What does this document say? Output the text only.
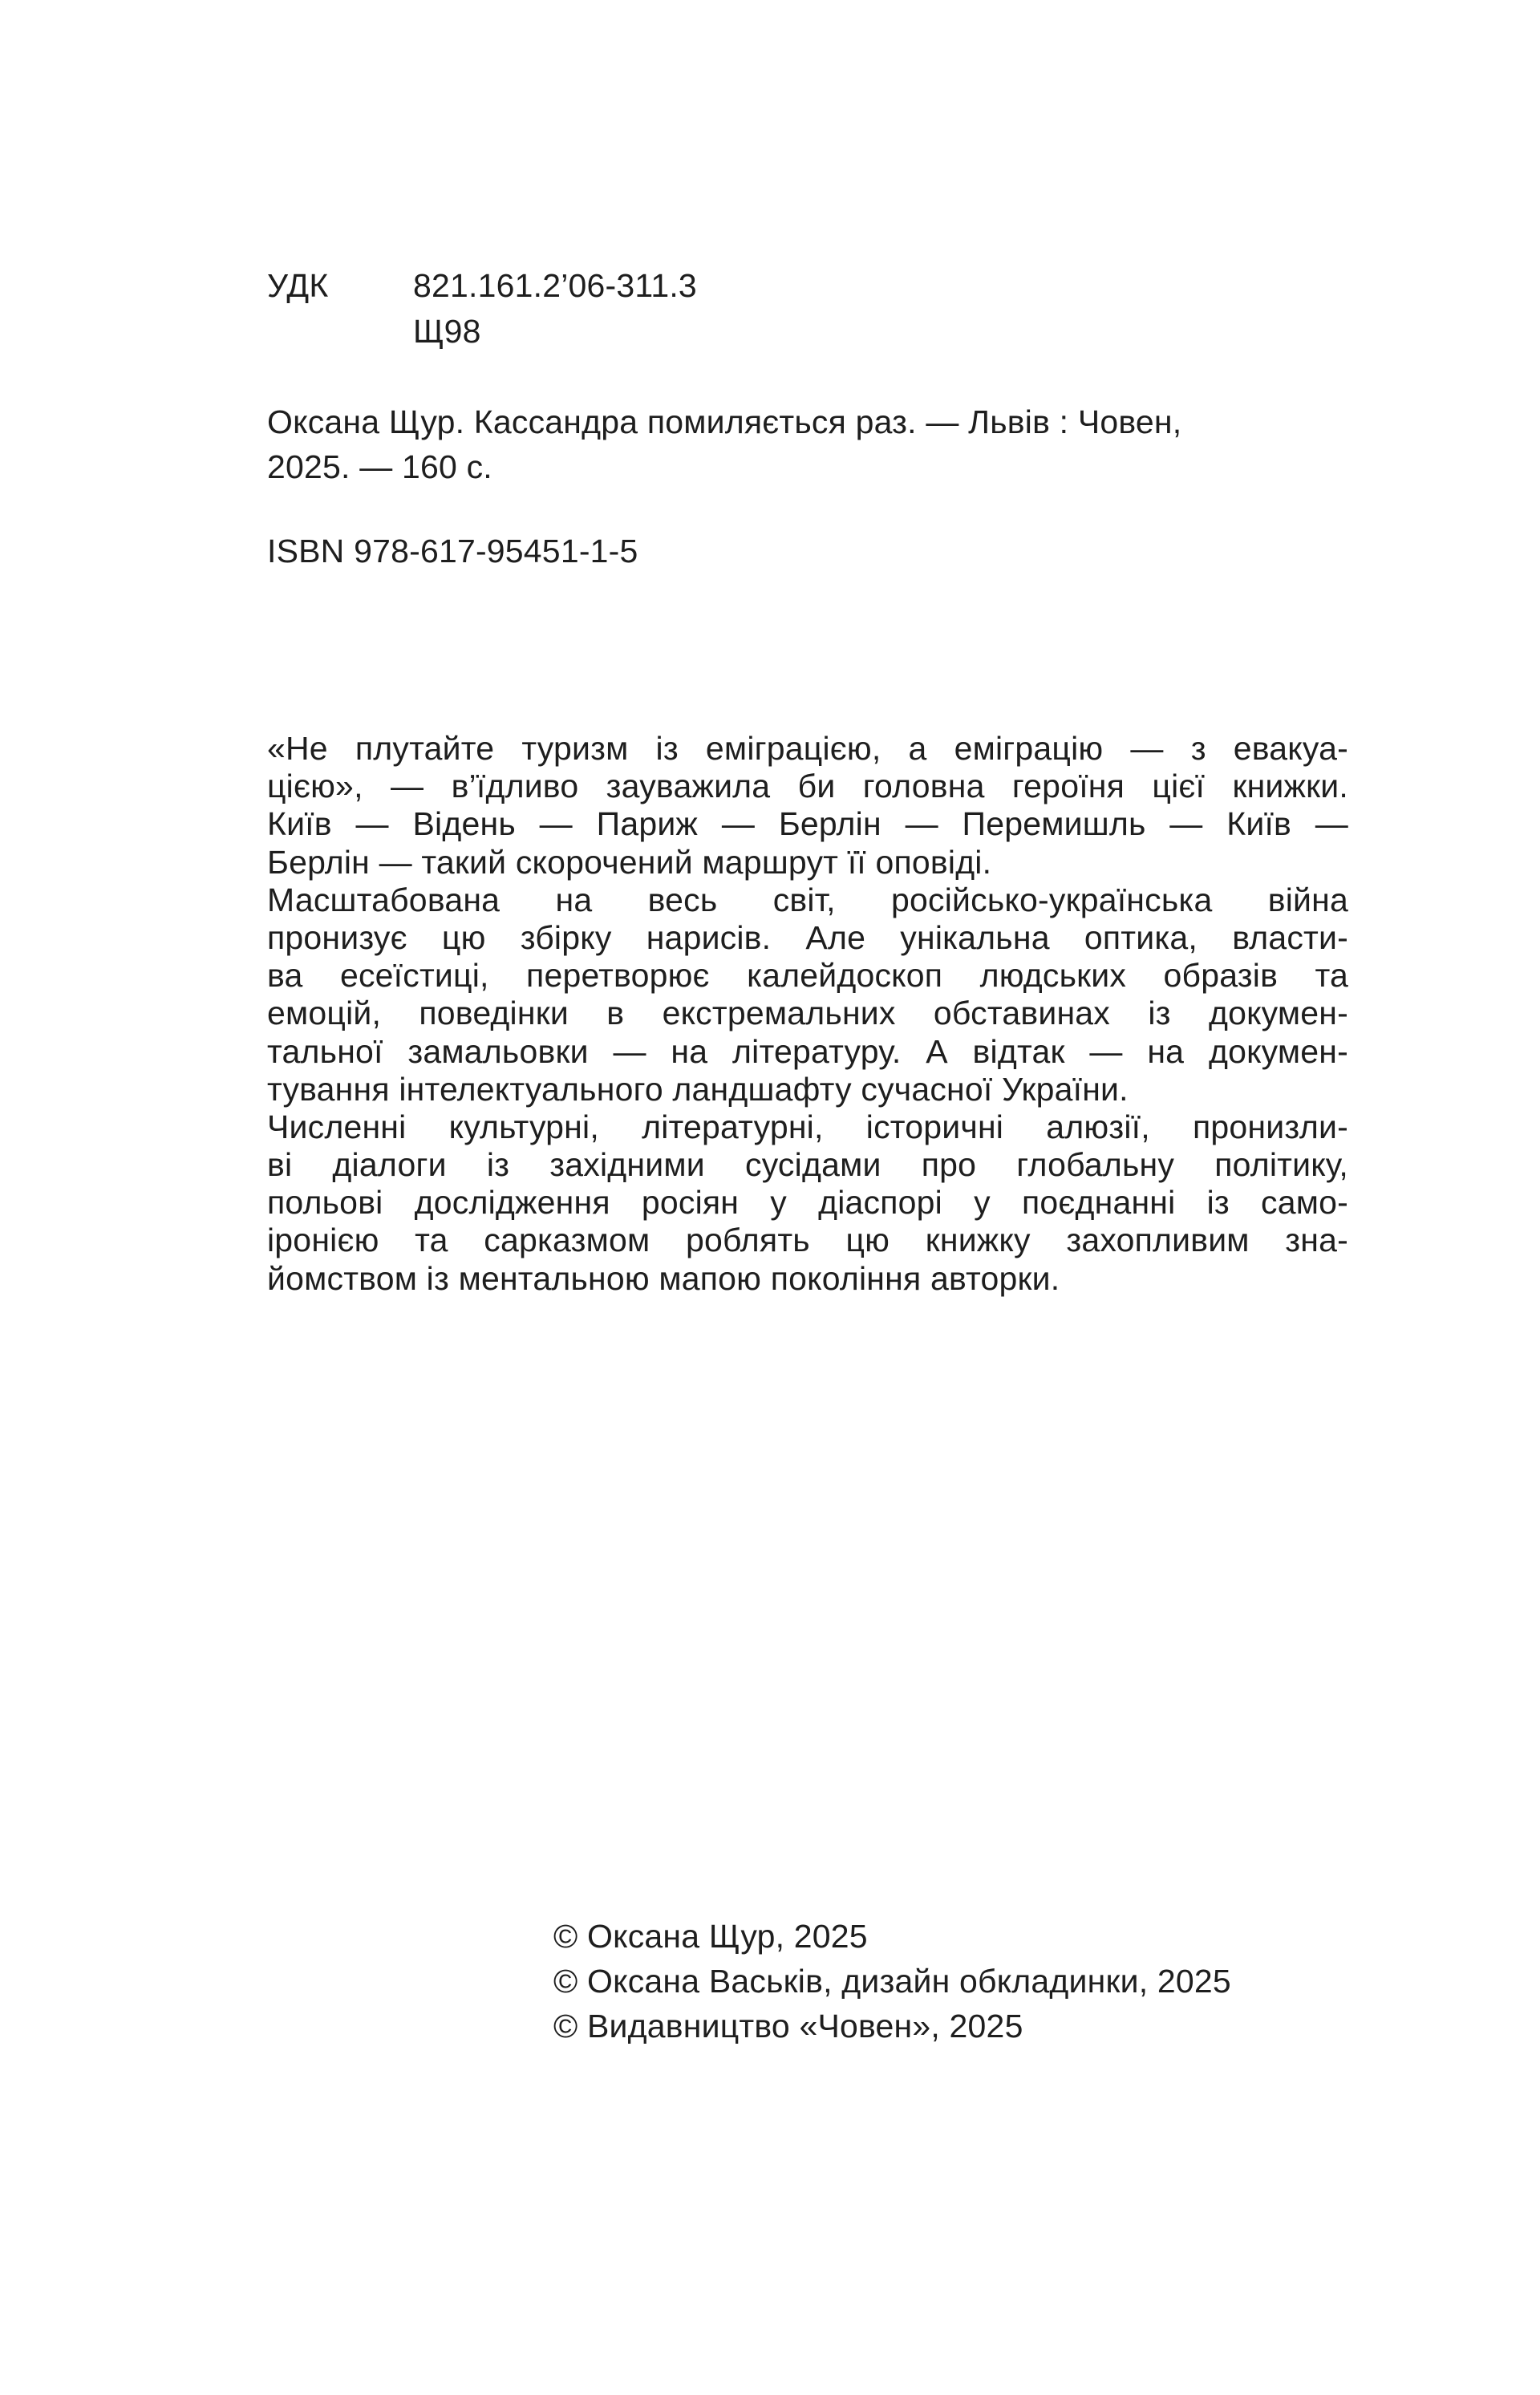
УДК	821.161.2’06-311.3
Щ98
Оксана Щур. Кассандра помиляється раз. — Львів : Човен,
2025. — 160 с.
ISBN 978-617-95451-1-5
«Не плутайте туризм із еміграцією, а еміграцію — з евакуа-
цією», — в’їдливо зауважила би головна героїня цієї книжки.
Київ — Відень — Париж — Берлін — Перемишль — Київ —
Берлін — такий скорочений маршрут її оповіді.
Масштабована на весь світ, російсько-українська війна
пронизує цю збірку нарисів. Але унікальна оптика, власти-
ва есеїстиці, перетворює калейдоскоп людських образів та
емоцій, поведінки в екстремальних обставинах із докумен-
тальної замальовки — на літературу. А відтак — на докумен-
тування інтелектуального ландшафту сучасної України.
Численні культурні, літературні, історичні алюзії, пронизли-
ві діалоги із західними сусідами про глобальну політику,
польові дослідження росіян у діаспорі у поєднанні із само-
іронією та сарказмом роблять цю книжку захопливим зна-
йомством із ментальною мапою покоління авторки.
© Оксана Щур, 2025
© Оксана Васьків, дизайн обкладинки, 2025
© Видавництво «Човен», 2025
